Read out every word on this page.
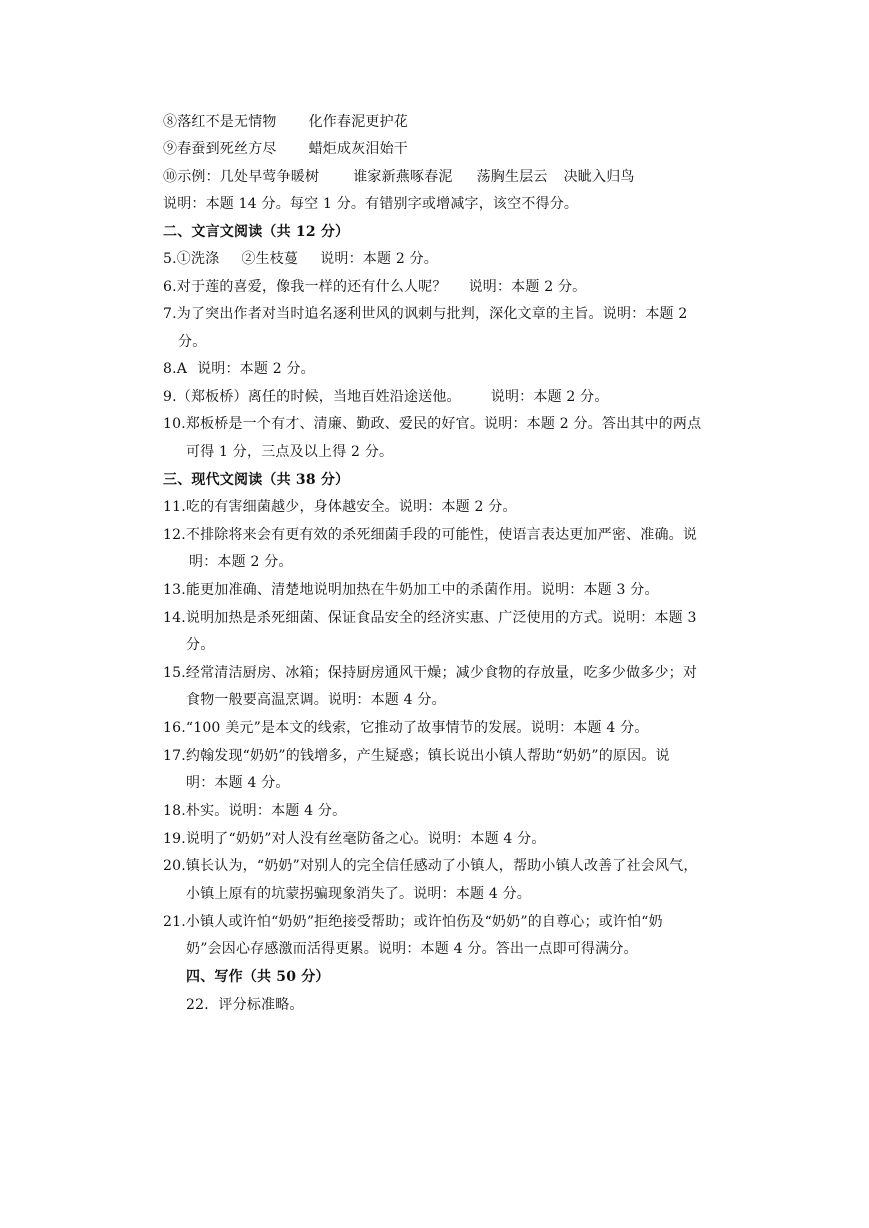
⑧落红不是无情物 化作春泥更护花
⑨春蚕到死丝方尽 蜡炬成灰泪始干
⑩示例：几处早莺争暖树 谁家新燕啄春泥 荡胸生层云 决眦入归鸟
说明：本题 14 分。每空 1 分。有错别字或增减字，该空不得分。
二、文言文阅读（共 12 分）
5.①洗涤 ②生枝蔓 说明：本题 2 分。
6.对于莲的喜爱，像我一样的还有什么人呢？ 说明：本题 2 分。
7.为了突出作者对当时追名逐利世风的讽刺与批判，深化文章的主旨。说明：本题 2
分。
8.A 说明：本题 2 分。
9.（郑板桥）离任的时候，当地百姓沿途送他。 说明：本题 2 分。
10.郑板桥是一个有才、清廉、勤政、爱民的好官。说明：本题 2 分。答出其中的两点
可得 1 分，三点及以上得 2 分。
三、现代文阅读（共 38 分）
11.吃的有害细菌越少，身体越安全。说明：本题 2 分。
12.不排除将来会有更有效的杀死细菌手段的可能性，使语言表达更加严密、准确。说
明：本题 2 分。
13.能更加准确、清楚地说明加热在牛奶加工中的杀菌作用。说明：本题 3 分。
14.说明加热是杀死细菌、保证食品安全的经济实惠、广泛使用的方式。说明：本题 3
分。
15.经常清洁厨房、冰箱；保持厨房通风干燥；减少食物的存放量，吃多少做多少；对
食物一般要高温烹调。说明：本题 4 分。
16.“100 美元”是本文的线索，它推动了故事情节的发展。说明：本题 4 分。
17.约翰发现“奶奶”的钱增多，产生疑惑；镇长说出小镇人帮助“奶奶”的原因。说
明：本题 4 分。
18.朴实。说明：本题 4 分。
19.说明了“奶奶”对人没有丝毫防备之心。说明：本题 4 分。
20.镇长认为，“奶奶”对别人的完全信任感动了小镇人，帮助小镇人改善了社会风气，
小镇上原有的坑蒙拐骗现象消失了。说明：本题 4 分。
21.小镇人或许怕“奶奶”拒绝接受帮助；或许怕伤及“奶奶”的自尊心；或许怕“奶
奶”会因心存感激而活得更累。说明：本题 4 分。答出一点即可得满分。
四、写作（共 50 分）
22．评分标准略。
